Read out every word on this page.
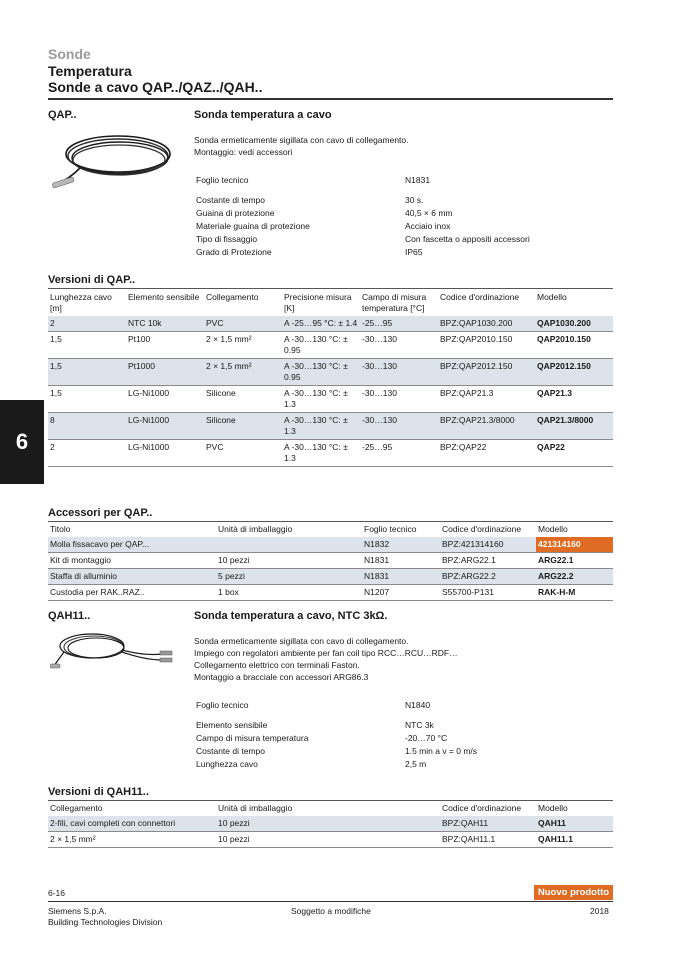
Sonde
Temperatura
Sonde a cavo QAP../QAZ../QAH..
6
QAP..	Sonda temperatura a cavo
Sonda ermeticamente sigillata con cavo di collegamento.
Montaggio: vedi accessori
Foglio tecnico	N1831
Costante di tempo	30 s.
Guaina di protezione	40,5 × 6 mm
Materiale guaina di protezione	Acciaio inox
Tipo di fissaggio	Con fascetta o appositi accessori
Grado di Protezione	IP65
Versioni di QAP..
Lunghezza cavo [m]	Elemento sensibile	Collegamento	Precisione misura [K]	Campo di misura temperatura [°C]	Codice d'ordinazione	Modello
2	NTC 10k	PVC	A -25…95 °C: ± 1.4	-25…95	BPZ:QAP1030.200	QAP1030.200
1,5	Pt100	2 × 1,5 mm²	A -30…130 °C: ± 0.95	-30…130	BPZ:QAP2010.150	QAP2010.150
1,5	Pt1000	2 × 1,5 mm²	A -30…130 °C: ± 0.95	-30…130	BPZ:QAP2012.150	QAP2012.150
1,5	LG-Ni1000	Silicone	A -30…130 °C: ± 1.3	-30…130	BPZ:QAP21.3	QAP21.3
8	LG-Ni1000	Silicone	A -30…130 °C: ± 1.3	-30…130	BPZ:QAP21.3/8000	QAP21.3/8000
2	LG-Ni1000	PVC	A -30…130 °C: ± 1.3	-25…95	BPZ:QAP22	QAP22
Accessori per QAP..
Titolo	Unità di imballaggio	Foglio tecnico	Codice d'ordinazione	Modello
Molla fissacavo per QAP...		N1832	BPZ:421314160	421314160
Kit di montaggio	10 pezzi	N1831	BPZ:ARG22.1	ARG22.1
Staffa di alluminio	5 pezzi	N1831	BPZ:ARG22.2	ARG22.2
Custodia per RAK..RAZ..	1 box	N1207	S55700-P131	RAK-H-M
QAH11..	Sonda temperatura a cavo, NTC 3kΩ.
Sonda ermeticamente sigillata con cavo di collegamento.
Impiego con regolatori ambiente per fan coil tipo RCC…RCU…RDF…
Collegamento elettrico con terminali Faston.
Montaggio a bracciale con accessori ARG86.3
Foglio tecnico	N1840
Elemento sensibile	NTC 3k
Campo di misura temperatura	-20…70 °C
Costante di tempo	1.5 min a v = 0 m/s
Lunghezza cavo	2,5 m
Versioni di QAH11..
Collegamento	Unità di imballaggio	Codice d'ordinazione	Modello
2-fili, cavi completi con connettori	10 pezzi	BPZ:QAH11	QAH11
2 × 1,5 mm²	10 pezzi	BPZ:QAH11.1	QAH11.1
6-16	Nuovo prodotto
Siemens S.p.A.
Building Technologies Division
Soggetto a modifiche	2018
